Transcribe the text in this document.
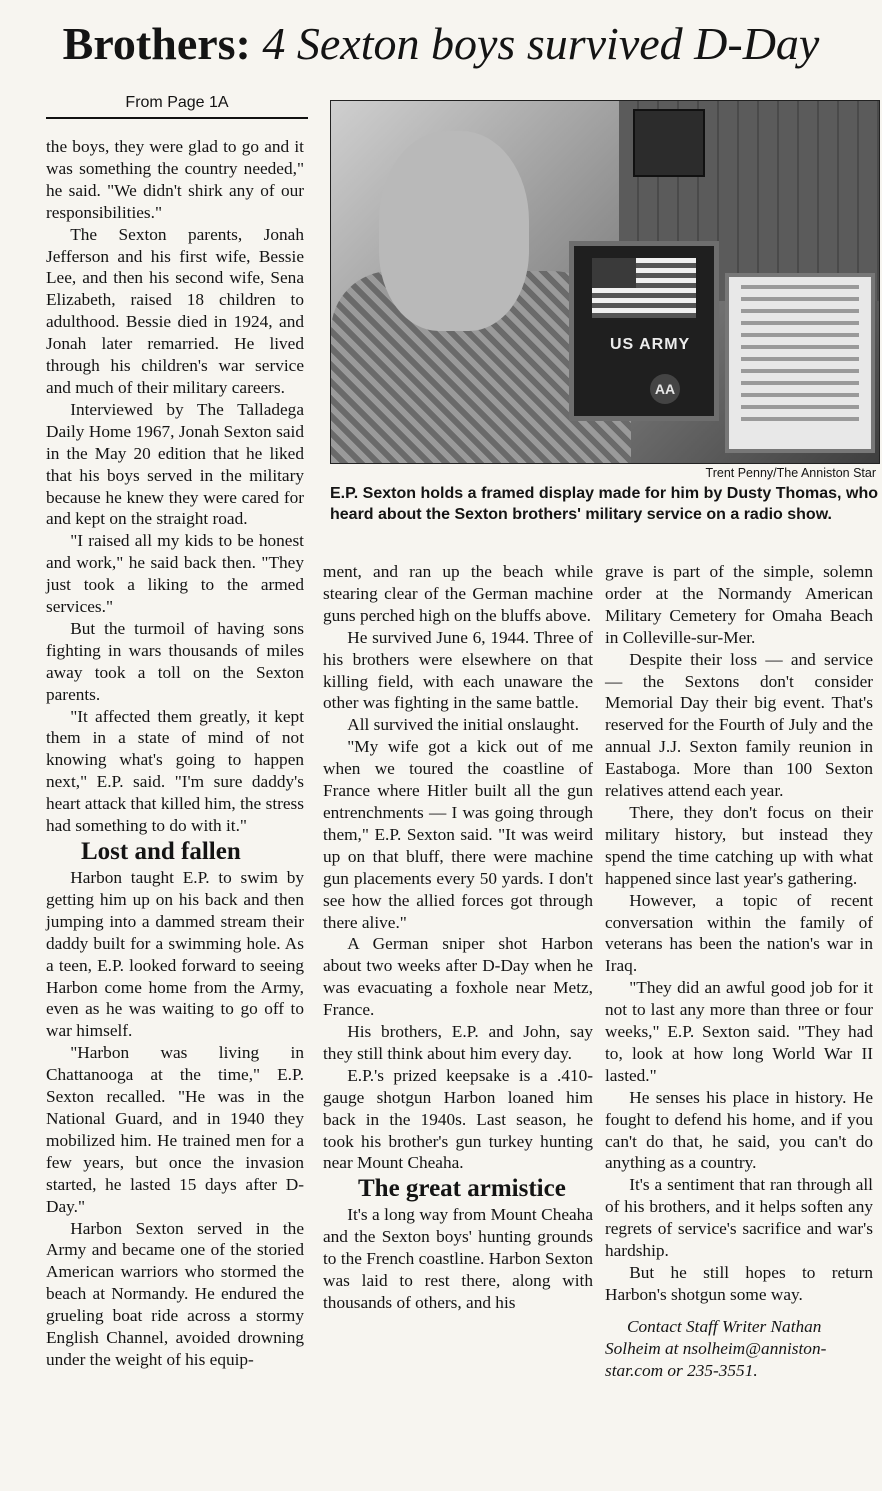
Brothers: 4 Sexton boys survived D-Day
From Page 1A

the boys, they were glad to go and it was something the country needed," he said. "We didn't shirk any of our responsibilities."

The Sexton parents, Jonah Jefferson and his first wife, Bessie Lee, and then his second wife, Sena Elizabeth, raised 18 children to adulthood. Bessie died in 1924, and Jonah later remarried. He lived through his children's war service and much of their military careers.

Interviewed by The Talladega Daily Home 1967, Jonah Sexton said in the May 20 edition that he liked that his boys served in the military because he knew they were cared for and kept on the straight road.

"I raised all my kids to be honest and work," he said back then. "They just took a liking to the armed services."

But the turmoil of having sons fighting in wars thousands of miles away took a toll on the Sexton parents.

"It affected them greatly, it kept them in a state of mind of not knowing what's going to happen next," E.P. said. "I'm sure daddy's heart attack that killed him, the stress had something to do with it."

Lost and fallen

Harbon taught E.P. to swim by getting him up on his back and then jumping into a dammed stream their daddy built for a swimming hole. As a teen, E.P. looked forward to seeing Harbon come home from the Army, even as he was waiting to go off to war himself.

"Harbon was living in Chattanooga at the time," E.P. Sexton recalled. "He was in the National Guard, and in 1940 they mobilized him. He trained men for a few years, but once the invasion started, he lasted 15 days after D-Day."

Harbon Sexton served in the Army and became one of the storied American warriors who stormed the beach at Normandy. He endured the grueling boat ride across a stormy English Channel, avoided drowning under the weight of his equip-

US ARMY
AA
Trent Penny/The Anniston Star
E.P. Sexton holds a framed display made for him by Dusty Thomas, who heard about the Sexton brothers' military service on a radio show.

ment, and ran up the beach while stearing clear of the German machine guns perched high on the bluffs above.

He survived June 6, 1944. Three of his brothers were elsewhere on that killing field, with each unaware the other was fighting in the same battle.

All survived the initial onslaught.

"My wife got a kick out of me when we toured the coastline of France where Hitler built all the gun entrenchments — I was going through them," E.P. Sexton said. "It was weird up on that bluff, there were machine gun placements every 50 yards. I don't see how the allied forces got through there alive."

A German sniper shot Harbon about two weeks after D-Day when he was evacuating a foxhole near Metz, France.

His brothers, E.P. and John, say they still think about him every day.

E.P.'s prized keepsake is a .410-gauge shotgun Harbon loaned him back in the 1940s. Last season, he took his brother's gun turkey hunting near Mount Cheaha.

The great armistice

It's a long way from Mount Cheaha and the Sexton boys' hunting grounds to the French coastline. Harbon Sexton was laid to rest there, along with thousands of others, and his

grave is part of the simple, solemn order at the Normandy American Military Cemetery for Omaha Beach in Colleville-sur-Mer.

Despite their loss — and service — the Sextons don't consider Memorial Day their big event. That's reserved for the Fourth of July and the annual J.J. Sexton family reunion in Eastaboga. More than 100 Sexton relatives attend each year.

There, they don't focus on their military history, but instead they spend the time catching up with what happened since last year's gathering.

However, a topic of recent conversation within the family of veterans has been the nation's war in Iraq.

"They did an awful good job for it not to last any more than three or four weeks," E.P. Sexton said. "They had to, look at how long World War II lasted."

He senses his place in history. He fought to defend his home, and if you can't do that, he said, you can't do anything as a country.

It's a sentiment that ran through all of his brothers, and it helps soften any regrets of service's sacrifice and war's hardship.

But he still hopes to return Harbon's shotgun some way.

Contact Staff Writer Nathan
Solheim at nsolheim@anniston-
star.com or 235-3551.
